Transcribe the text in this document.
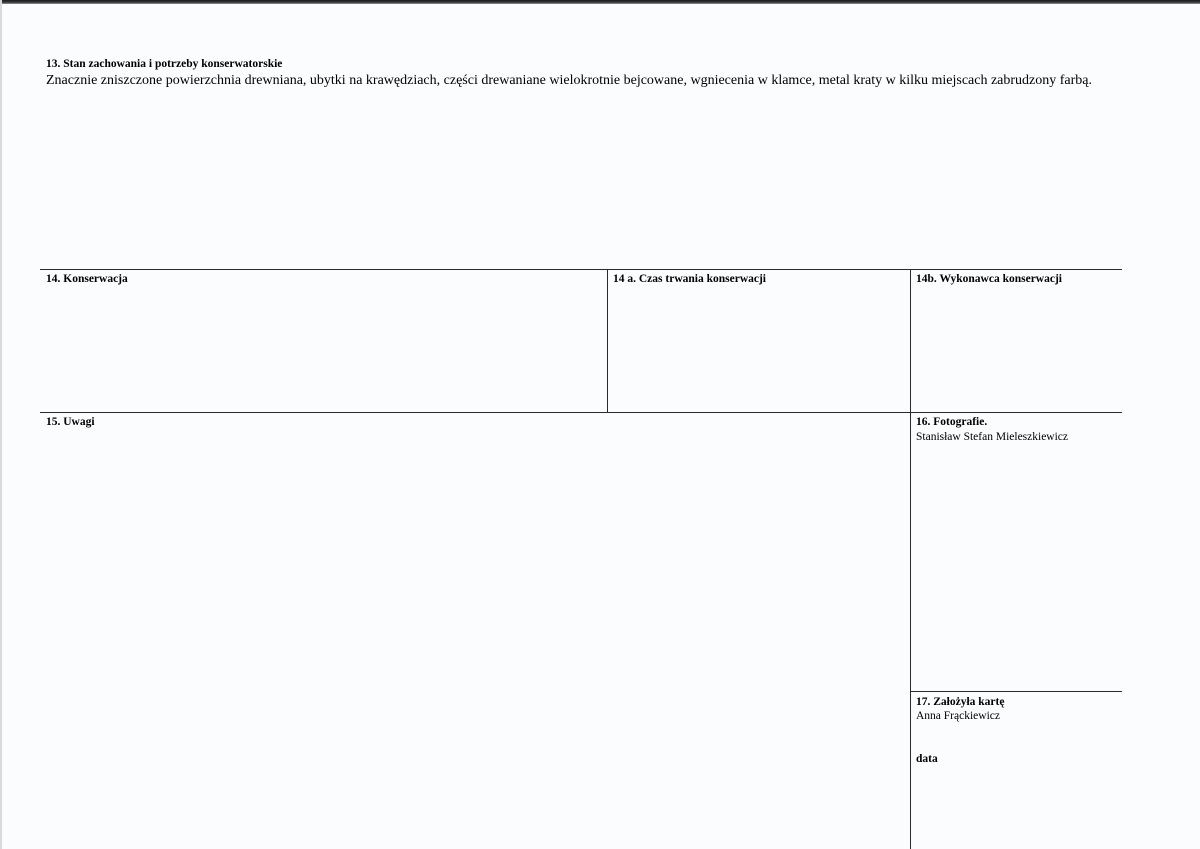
13. Stan zachowania i potrzeby konserwatorskie
Znacznie zniszczone powierzchnia drewniana, ubytki na krawędziach, części drewaniane wielokrotnie bejcowane, wgniecenia w klamce, metal kraty w kilku miejscach zabrudzony farbą.
14. Konserwacja	14 a. Czas trwania konserwacji	14b. Wykonawca konserwacji
15. Uwagi	16. Fotografie.
Stanisław Stefan Mieleszkiewicz
17. Założyła kartę
Anna Frąckiewicz
data
